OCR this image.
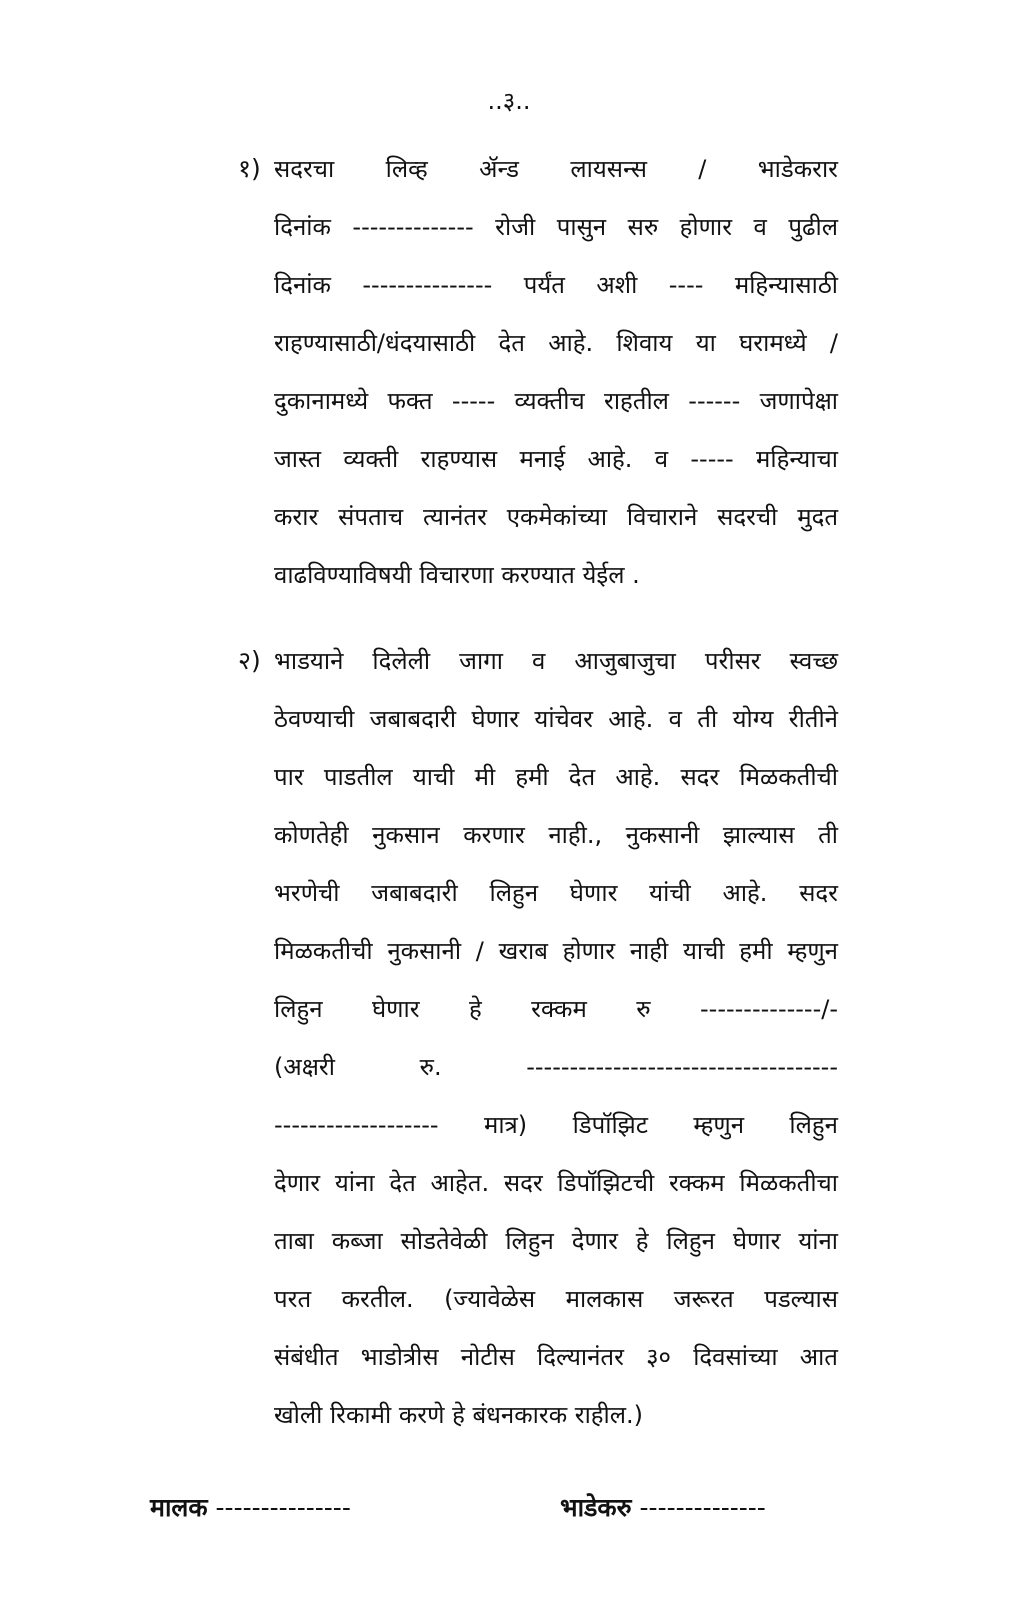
..३..
१) सदरचा लिव्ह ॲन्ड लायसन्स / भाडेकरार
दिनांक -------------- रोजी पासुन सरु होणार व पुढील
दिनांक --------------- पर्यंत अशी ---- महिन्यासाठी
राहण्यासाठी/धंदयासाठी देत आहे. शिवाय या घरामध्ये /
दुकानामध्ये फक्त ----- व्यक्तीच राहतील ------ जणापेक्षा
जास्त व्यक्ती राहण्यास मनाई आहे. व ----- महिन्याचा
करार संपताच त्यानंतर एकमेकांच्या विचाराने सदरची मुदत
वाढविण्याविषयी विचारणा करण्यात येईल .
२) भाडयाने दिलेली जागा व आजुबाजुचा परीसर स्वच्छ
ठेवण्याची जबाबदारी घेणार यांचेवर आहे. व ती योग्य रीतीने
पार पाडतील याची मी हमी देत आहे. सदर मिळकतीची
कोणतेही नुकसान करणार नाही., नुकसानी झाल्यास ती
भरणेची जबाबदारी लिहुन घेणार यांची आहे. सदर
मिळकतीची नुकसानी / खराब होणार नाही याची हमी म्हणुन
लिहुन घेणार हे रक्कम रु --------------/-
(अक्षरी रु. ------------------------------------
------------------- मात्र) डिपॉझिट म्हणुन लिहुन
देणार यांना देत आहेत. सदर डिपॉझिटची रक्कम मिळकतीचा
ताबा कब्जा सोडतेवेळी लिहुन देणार हे लिहुन घेणार यांना
परत करतील. (ज्यावेळेस मालकास जरूरत पडल्यास
संबंधीत भाडोत्रीस नोटीस दिल्यानंतर ३० दिवसांच्या आत
खोली रिकामी करणे हे बंधनकारक राहील.)
मालक ---------------	भाडेकरु --------------
